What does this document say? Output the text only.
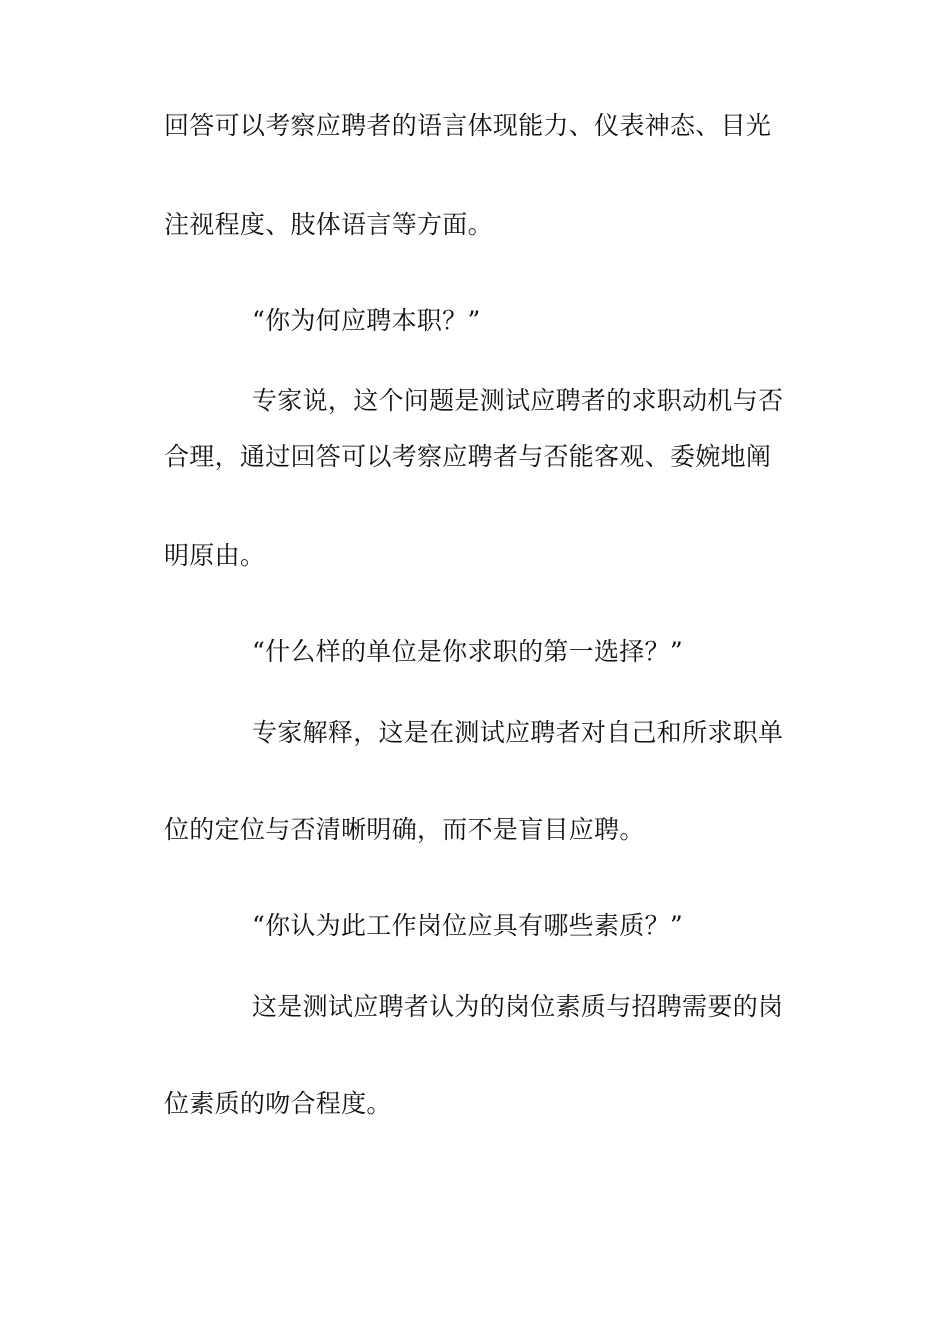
回答可以考察应聘者的语言体现能力、仪表神态、目光

注视程度、肢体语言等方面。

“你为何应聘本职？”

专家说，这个问题是测试应聘者的求职动机与否

合理，通过回答可以考察应聘者与否能客观、委婉地阐

明原由。

“什么样的单位是你求职的第一选择？”

专家解释，这是在测试应聘者对自己和所求职单

位的定位与否清晰明确，而不是盲目应聘。

“你认为此工作岗位应具有哪些素质？”

这是测试应聘者认为的岗位素质与招聘需要的岗

位素质的吻合程度。
